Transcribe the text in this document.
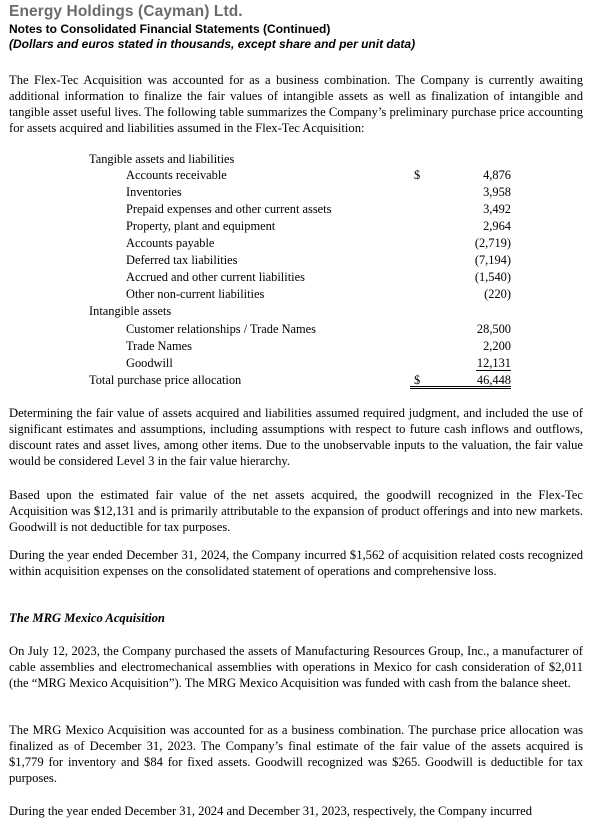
Energy Holdings (Cayman) Ltd.
Notes to Consolidated Financial Statements (Continued)
(Dollars and euros stated in thousands, except share and per unit data)
The Flex-Tec Acquisition was accounted for as a business combination. The Company is currently awaiting additional information to finalize the fair values of intangible assets as well as finalization of intangible and tangible asset useful lives. The following table summarizes the Company’s preliminary purchase price accounting for assets acquired and liabilities assumed in the Flex-Tec Acquisition:
Tangible assets and liabilities
Accounts receivable	$	4,876
Inventories	3,958
Prepaid expenses and other current assets	3,492
Property, plant and equipment	2,964
Accounts payable	(2,719)
Deferred tax liabilities	(7,194)
Accrued and other current liabilities	(1,540)
Other non-current liabilities	(220)
Intangible assets
Customer relationships / Trade Names	28,500
Trade Names	2,200
Goodwill	12,131
Total purchase price allocation	$	46,448
Determining the fair value of assets acquired and liabilities assumed required judgment, and included the use of significant estimates and assumptions, including assumptions with respect to future cash inflows and outflows, discount rates and asset lives, among other items. Due to the unobservable inputs to the valuation, the fair value would be considered Level 3 in the fair value hierarchy.
Based upon the estimated fair value of the net assets acquired, the goodwill recognized in the Flex-Tec Acquisition was $12,131 and is primarily attributable to the expansion of product offerings and into new markets. Goodwill is not deductible for tax purposes.
During the year ended December 31, 2024, the Company incurred $1,562 of acquisition related costs recognized within acquisition expenses on the consolidated statement of operations and comprehensive loss.
The MRG Mexico Acquisition
On July 12, 2023, the Company purchased the assets of Manufacturing Resources Group, Inc., a manufacturer of cable assemblies and electromechanical assemblies with operations in Mexico for cash consideration of $2,011 (the “MRG Mexico Acquisition”). The MRG Mexico Acquisition was funded with cash from the balance sheet.
The MRG Mexico Acquisition was accounted for as a business combination. The purchase price allocation was finalized as of December 31, 2023. The Company’s final estimate of the fair value of the assets acquired is $1,779 for inventory and $84 for fixed assets. Goodwill recognized was $265. Goodwill is deductible for tax purposes.
During the year ended December 31, 2024 and December 31, 2023, respectively, the Company incurred
